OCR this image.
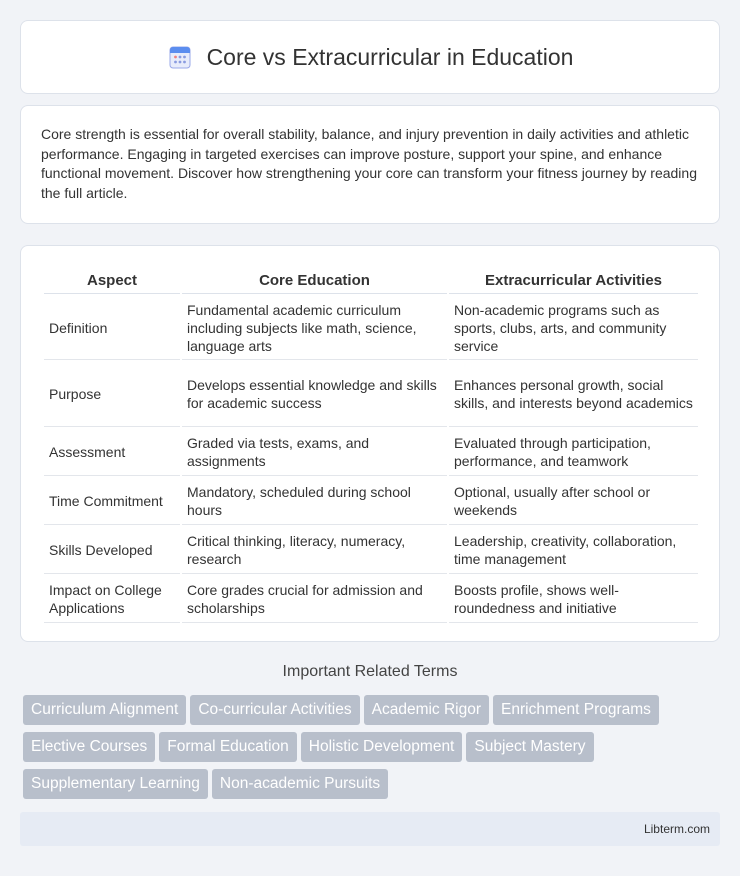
Core vs Extracurricular in Education

Core strength is essential for overall stability, balance, and injury prevention in daily activities and athletic performance. Engaging in targeted exercises can improve posture, support your spine, and enhance functional movement. Discover how strengthening your core can transform your fitness journey by reading the full article.

Aspect	Core Education	Extracurricular Activities
Definition	Fundamental academic curriculum including subjects like math, science, language arts	Non-academic programs such as sports, clubs, arts, and community service
Purpose	Develops essential knowledge and skills for academic success	Enhances personal growth, social skills, and interests beyond academics
Assessment	Graded via tests, exams, and assignments	Evaluated through participation, performance, and teamwork
Time Commitment	Mandatory, scheduled during school hours	Optional, usually after school or weekends
Skills Developed	Critical thinking, literacy, numeracy, research	Leadership, creativity, collaboration, time management
Impact on College Applications	Core grades crucial for admission and scholarships	Boosts profile, shows well-roundedness and initiative
Important Related Terms
Curriculum Alignment Co-curricular Activities Academic Rigor Enrichment Programs
Elective Courses Formal Education Holistic Development Subject Mastery
Supplementary Learning Non-academic Pursuits
Libterm.com
